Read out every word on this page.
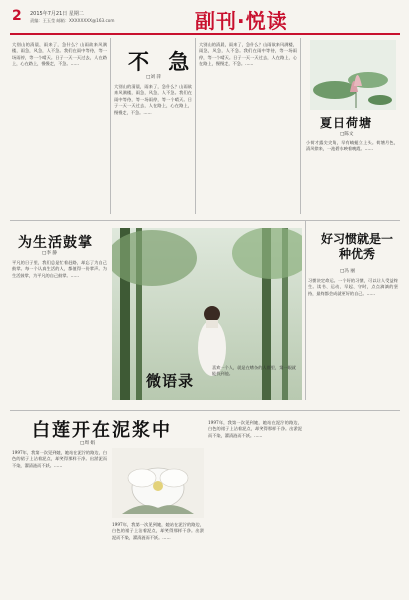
2015年7月21日 星期二
责编：王玉莹 邮箱：XXXXXXXX@163.com
2	副刊·悦读
大别山的清晨，雨来了，急什么？山雨欲来风满楼，雨急，风急，人不急。我们在雨中等待，等一场雨停，等一个晴天。日子一天一天过去，人在路上，心在路上，慢慢走，不急。……	不 急
□刘 萍
大别山的清晨，雨来了，急什么？山雨欲来风满楼，雨急，风急，人不急。我们在雨中等待，等一场雨停，等一个晴天。日子一天一天过去，人在路上，心在路上，慢慢走，不急。……
大别山的清晨，雨来了，急什么？山雨欲来风满楼，雨急，风急，人不急。我们在雨中等待，等一场雨停，等一个晴天。日子一天一天过去，人在路上，心在路上，慢慢走，不急。……
夏日荷塘
□陈文
小荷才露尖尖角，早有蜻蜓立上头。荷塘月色，清风徐来，一池碧水映着晚霞。……
为生活鼓掌
□李 静
平凡的日子里，我们总是忙着赶路，却忘了为自己鼓掌。每一个认真生活的人，都值得一份掌声。为生活鼓掌，为平凡的自己鼓掌。……
微语录
喜欢一个人，就是在嘈杂的人群里，第一眼就能找到他。
好习惯就是一种优秀
□冯 丽
习惯决定命运。一个好的习惯，可以让人受益终生。读书、运动、早起、守时，点点滴滴的坚持，最终都会成就更好的自己。……
白莲开在泥浆中
□周 娟
1997年，我第一次见到她，她站在泥泞的路边，白色的裙子上沾着泥点，却笑得那样干净。出淤泥而不染，濯清涟而不妖。……
1997年，我第一次见到她，她站在泥泞的路边，白色的裙子上沾着泥点，却笑得那样干净。出淤泥而不染，濯清涟而不妖。……
1997年，我第一次见到她，她站在泥泞的路边，白色的裙子上沾着泥点，却笑得那样干净。出淤泥而不染，濯清涟而不妖。……
